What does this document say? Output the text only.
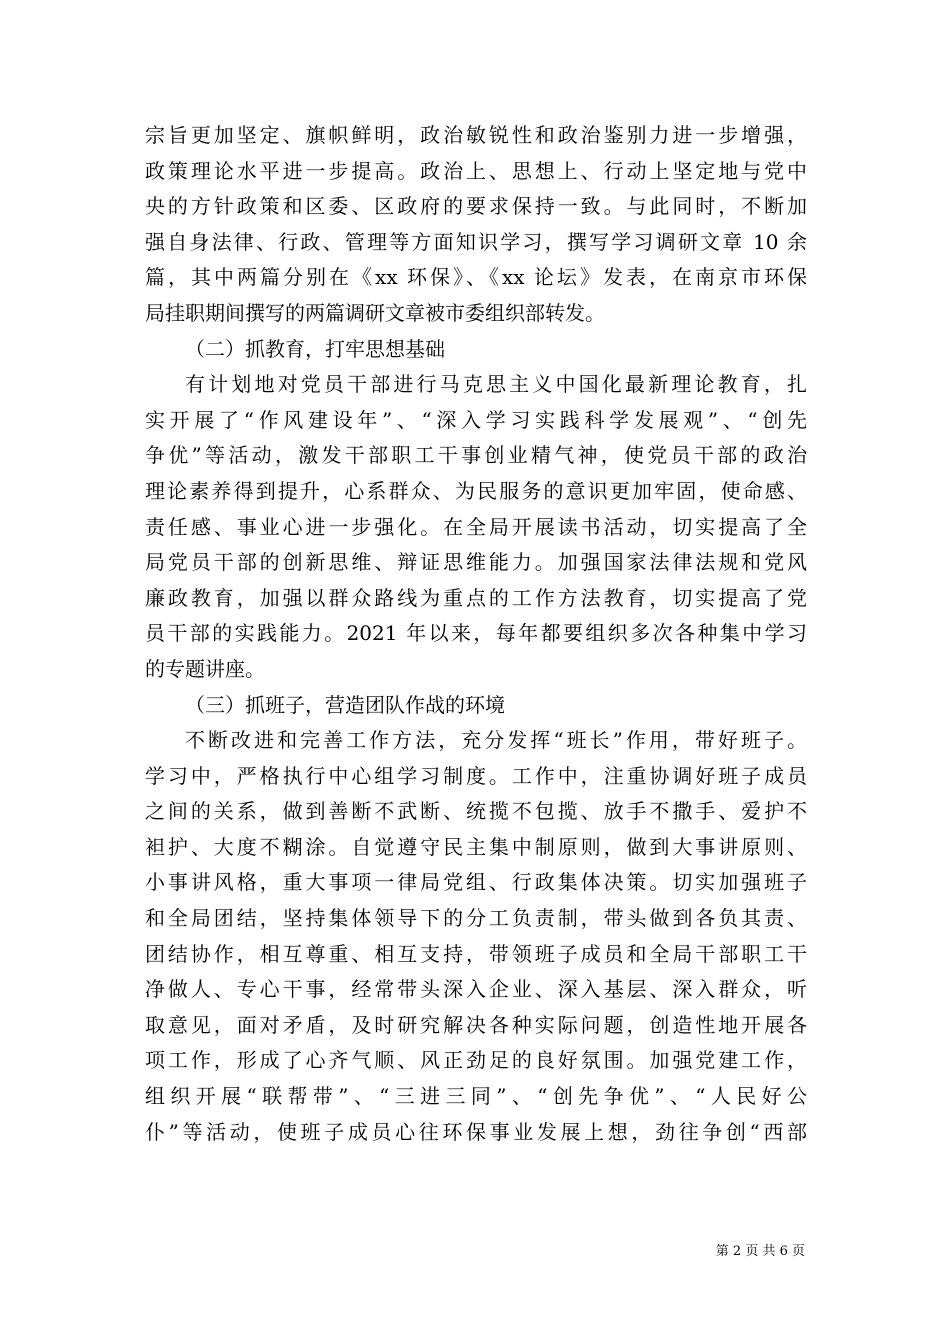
宗旨更加坚定、旗帜鲜明，政治敏锐性和政治鉴别力进一步增强，
政策理论水平进一步提高。政治上、思想上、行动上坚定地与党中
央的方针政策和区委、区政府的要求保持一致。与此同时，不断加
强自身法律、行政、管理等方面知识学习，撰写学习调研文章 10 余
篇，其中两篇分别在《xx 环保》、《xx 论坛》发表，在南京市环保
局挂职期间撰写的两篇调研文章被市委组织部转发。
（二）抓教育，打牢思想基础
有计划地对党员干部进行马克思主义中国化最新理论教育，扎
实开展了“作风建设年”、“深入学习实践科学发展观”、“创先
争优”等活动，激发干部职工干事创业精气神，使党员干部的政治
理论素养得到提升，心系群众、为民服务的意识更加牢固，使命感、
责任感、事业心进一步强化。在全局开展读书活动，切实提高了全
局党员干部的创新思维、辩证思维能力。加强国家法律法规和党风
廉政教育，加强以群众路线为重点的工作方法教育，切实提高了党
员干部的实践能力。2021 年以来，每年都要组织多次各种集中学习
的专题讲座。
（三）抓班子，营造团队作战的环境
不断改进和完善工作方法，充分发挥“班长”作用，带好班子。
学习中，严格执行中心组学习制度。工作中，注重协调好班子成员
之间的关系，做到善断不武断、统揽不包揽、放手不撒手、爱护不
袒护、大度不糊涂。自觉遵守民主集中制原则，做到大事讲原则、
小事讲风格，重大事项一律局党组、行政集体决策。切实加强班子
和全局团结，坚持集体领导下的分工负责制，带头做到各负其责、
团结协作，相互尊重、相互支持，带领班子成员和全局干部职工干
净做人、专心干事，经常带头深入企业、深入基层、深入群众，听
取意见，面对矛盾，及时研究解决各种实际问题，创造性地开展各
项工作，形成了心齐气顺、风正劲足的良好氛围。加强党建工作，
组织开展“联帮带”、“三进三同”、“创先争优”、“人民好公
仆”等活动，使班子成员心往环保事业发展上想，劲往争创“西部
第 2 页 共 6 页
